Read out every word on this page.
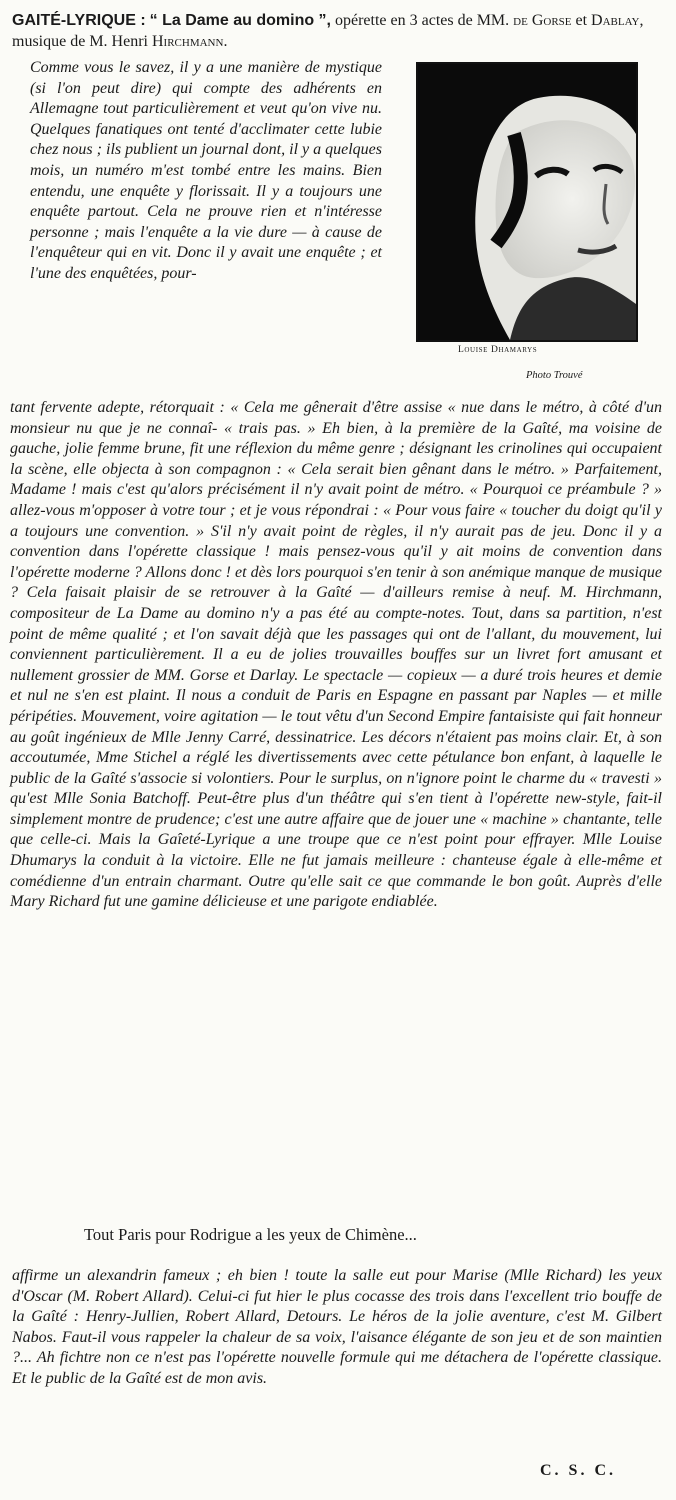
GAITÉ-LYRIQUE : “ La Dame au domino ”, opérette en 3 actes de MM. de Gorse et Dablay, musique de M. Henri Hirchmann.
Comme vous le savez, il y a une manière de mystique (si l'on peut dire) qui compte des adhérents en Allemagne tout particulièrement et veut qu'on vive nu. Quelques fanatiques ont tenté d'acclimater cette lubie chez nous ; ils publient un journal dont, il y a quelques mois, un numéro m'est tombé entre les mains. Bien entendu, une enquête y florissait. Il y a toujours une enquête partout. Cela ne prouve rien et n'intéresse personne ; mais l'enquête a la vie dure — à cause de l'enquêteur qui en vit. Donc il y avait une enquête ; et l'une des enquêtées, pour-
Louise Dhamarys
Photo Trouvé

tant fervente adepte, rétorquait : « Cela me gênerait d'être assise « nue dans le métro, à côté d'un monsieur nu que je ne connaî- « trais pas. » Eh bien, à la première de la Gaîté, ma voisine de gauche, jolie femme brune, fit une réflexion du même genre ; désignant les crinolines qui occupaient la scène, elle objecta à son compagnon : « Cela serait bien gênant dans le métro. » Parfaitement, Madame ! mais c'est qu'alors précisément il n'y avait point de métro. « Pourquoi ce préambule ? » allez-vous m'opposer à votre tour ; et je vous répondrai : « Pour vous faire « toucher du doigt qu'il y a toujours une convention. » S'il n'y avait point de règles, il n'y aurait pas de jeu. Donc il y a convention dans l'opérette classique ! mais pensez-vous qu'il y ait moins de convention dans l'opérette moderne ? Allons donc ! et dès lors pourquoi s'en tenir à son anémique manque de musique ? Cela faisait plaisir de se retrouver à la Gaîté — d'ailleurs remise à neuf. M. Hirchmann, compositeur de La Dame au domino n'y a pas été au compte-notes. Tout, dans sa partition, n'est point de même qualité ; et l'on savait déjà que les passages qui ont de l'allant, du mouvement, lui conviennent particulièrement. Il a eu de jolies trouvailles bouffes sur un livret fort amusant et nullement grossier de MM. Gorse et Darlay. Le spectacle — copieux — a duré trois heures et demie et nul ne s'en est plaint. Il nous a conduit de Paris en Espagne en passant par Naples — et mille péripéties. Mouvement, voire agitation — le tout vêtu d'un Second Empire fantaisiste qui fait honneur au goût ingénieux de Mlle Jenny Carré, dessinatrice. Les décors n'étaient pas moins clair. Et, à son accoutumée, Mme Stichel a réglé les divertissements avec cette pétulance bon enfant, à laquelle le public de la Gaîté s'associe si volontiers. Pour le surplus, on n'ignore point le charme du « travesti » qu'est Mlle Sonia Batchoff. Peut-être plus d'un théâtre qui s'en tient à l'opérette new-style, fait-il simplement montre de prudence; c'est une autre affaire que de jouer une « machine » chantante, telle que celle-ci. Mais la Gaîeté-Lyrique a une troupe que ce n'est point pour effrayer. Mlle Louise Dhumarys la conduit à la victoire. Elle ne fut jamais meilleure : chanteuse égale à elle-même et comédienne d'un entrain charmant. Outre qu'elle sait ce que commande le bon goût. Auprès d'elle Mary Richard fut une gamine délicieuse et une parigote endiablée.

Tout Paris pour Rodrigue a les yeux de Chimène...
affirme un alexandrin fameux ; eh bien ! toute la salle eut pour Marise (Mlle Richard) les yeux d'Oscar (M. Robert Allard). Celui-ci fut hier le plus cocasse des trois dans l'excellent trio bouffe de la Gaîté : Henry-Jullien, Robert Allard, Detours. Le héros de la jolie aventure, c'est M. Gilbert Nabos. Faut-il vous rappeler la chaleur de sa voix, l'aisance élégante de son jeu et de son maintien ?... Ah fichtre non ce n'est pas l'opérette nouvelle formule qui me détachera de l'opérette classique. Et le public de la Gaîté est de mon avis.
C. S. C.
